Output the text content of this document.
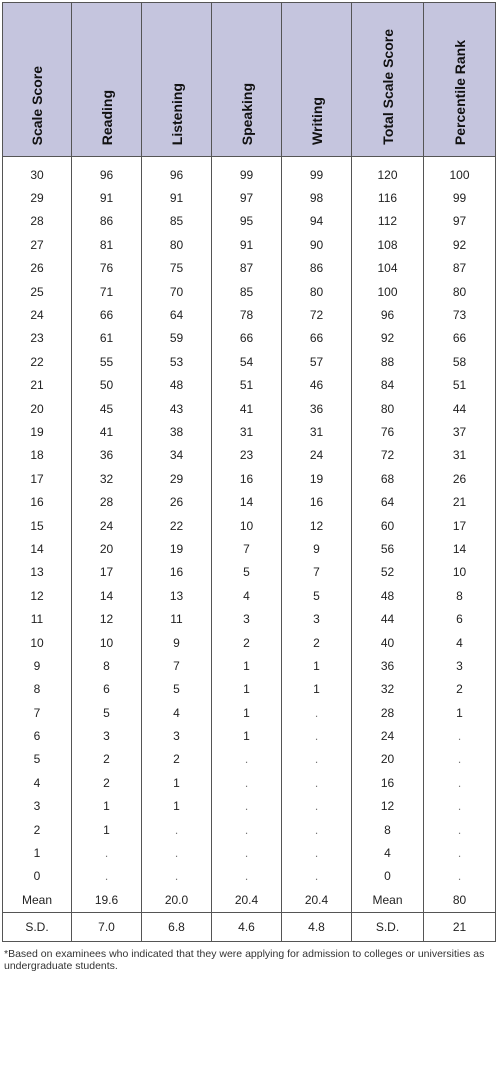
Scale Score	Reading	Listening	Speaking	Writing	Total Scale Score	Percentile Rank
30	96	96	99	99	120	100
29	91	91	97	98	116	99
28	86	85	95	94	112	97
27	81	80	91	90	108	92
26	76	75	87	86	104	87
25	71	70	85	80	100	80
24	66	64	78	72	96	73
23	61	59	66	66	92	66
22	55	53	54	57	88	58
21	50	48	51	46	84	51
20	45	43	41	36	80	44
19	41	38	31	31	76	37
18	36	34	23	24	72	31
17	32	29	16	19	68	26
16	28	26	14	16	64	21
15	24	22	10	12	60	17
14	20	19	7	9	56	14
13	17	16	5	7	52	10
12	14	13	4	5	48	8
11	12	11	3	3	44	6
10	10	9	2	2	40	4
9	8	7	1	1	36	3
8	6	5	1	1	32	2
7	5	4	1	.	28	1
6	3	3	1	.	24	.
5	2	2	.	.	20	.
4	2	1	.	.	16	.
3	1	1	.	.	12	.
2	1	.	.	.	8	.
1	.	.	.	.	4	.
0	.	.	.	.	0	.
Mean	19.6	20.0	20.4	20.4	Mean	80
S.D.	7.0	6.8	4.6	4.8	S.D.	21
*Based on examinees who indicated that they were applying for admission to colleges or universities as undergraduate students.
